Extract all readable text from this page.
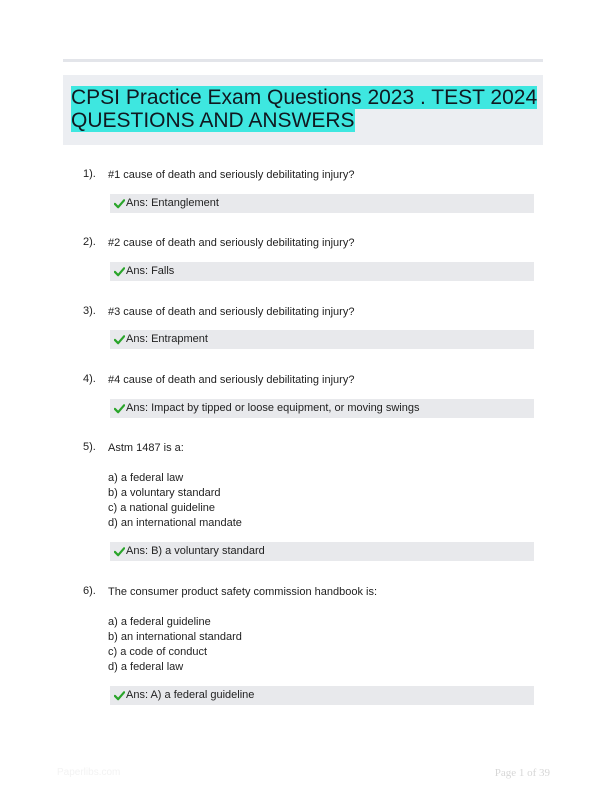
CPSI Practice Exam Questions 2023 . TEST 2024 QUESTIONS AND ANSWERS
1). #1 cause of death and seriously debilitating injury?
Ans: Entanglement
2). #2 cause of death and seriously debilitating injury?
Ans: Falls
3). #3 cause of death and seriously debilitating injury?
Ans: Entrapment
4). #4 cause of death and seriously debilitating injury?
Ans: Impact by tipped or loose equipment, or moving swings
5). Astm 1487 is a:
a) a federal law
b) a voluntary standard
c) a national guideline
d) an international mandate
Ans: B) a voluntary standard
6). The consumer product safety commission handbook is:
a) a federal guideline
b) an international standard
c) a code of conduct
d) a federal law
Ans: A) a federal guideline
Paperlibs.com	Page 1 of 39
